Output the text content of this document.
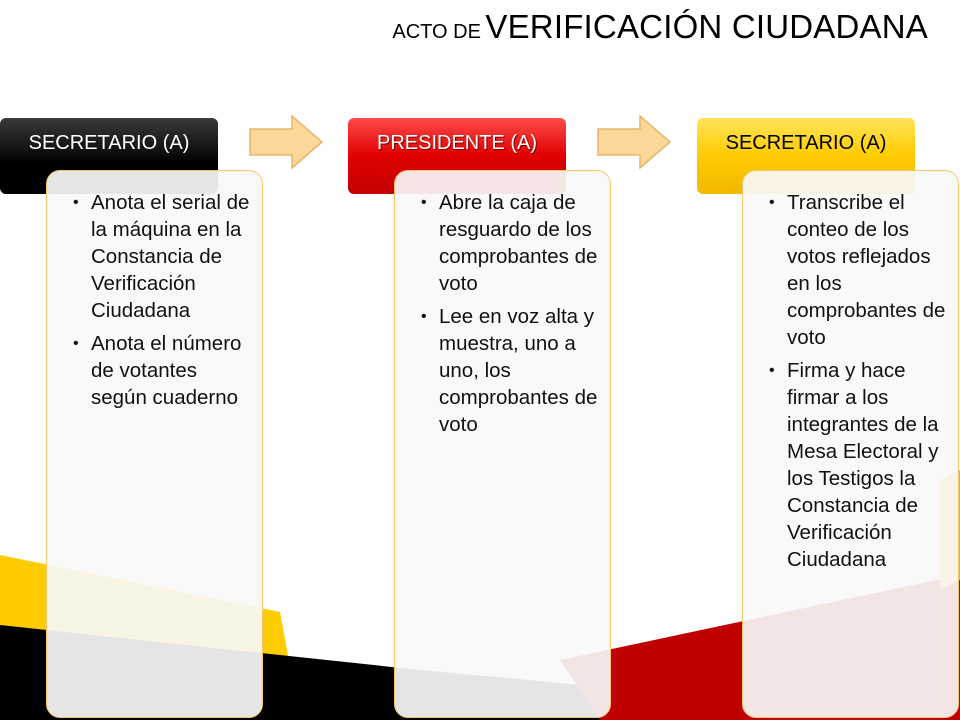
ACTO DE VERIFICACIÓN CIUDADANA
SECRETARIO (A)	PRESIDENTE (A)	SECRETARIO (A)
• Anota el serial de la máquina en la Constancia de Verificación Ciudadana
• Anota el número de votantes según cuaderno
• Abre la caja de resguardo de los comprobantes de voto
• Lee en voz alta y muestra, uno a uno, los comprobantes de voto
• Transcribe el conteo de los votos reflejados en los comprobantes de voto
• Firma y hace firmar a los integrantes de la Mesa Electoral y los Testigos la Constancia de Verificación Ciudadana
